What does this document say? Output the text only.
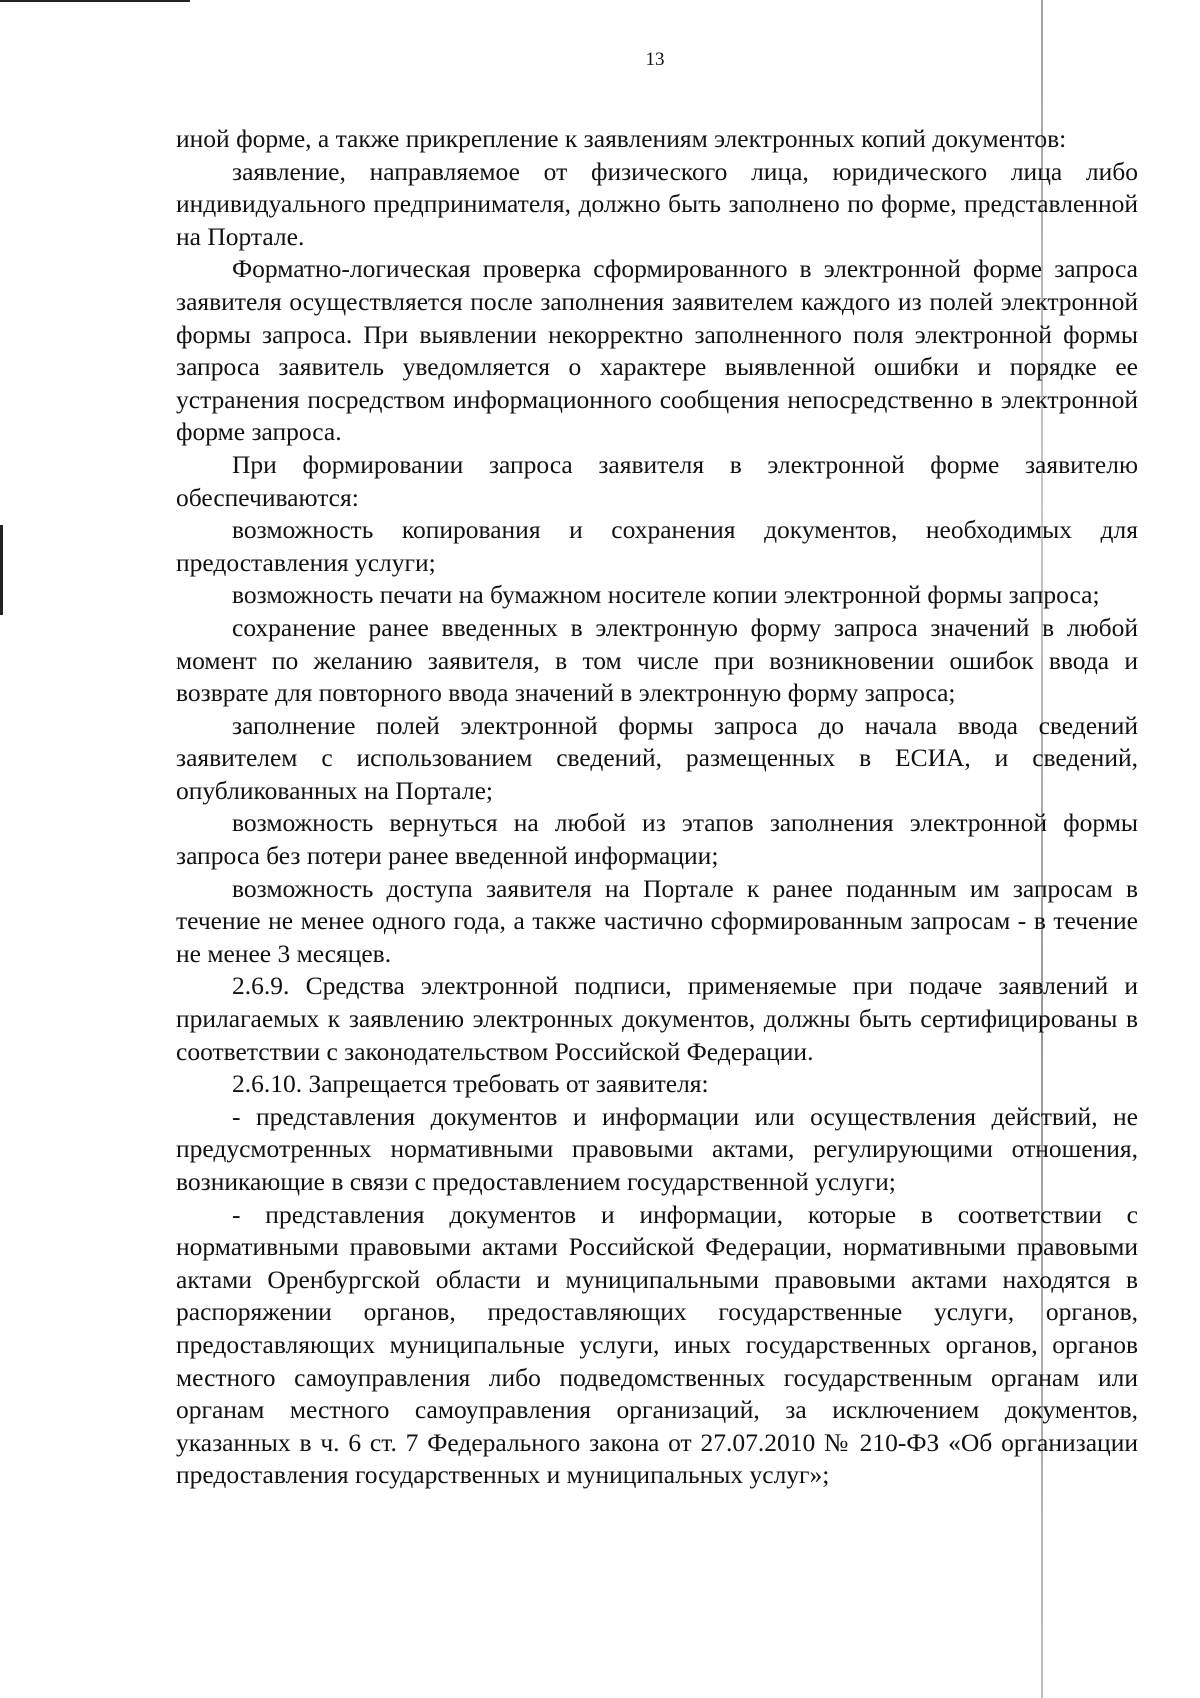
13

иной форме, а также прикрепление к заявлениям электронных копий документов:

заявление, направляемое от физического лица, юридического лица либо индивидуального предпринимателя, должно быть заполнено по форме, представленной на Портале.

Форматно-логическая проверка сформированного в электронной форме запроса заявителя осуществляется после заполнения заявителем каждого из полей электронной формы запроса. При выявлении некорректно заполненного поля электронной формы запроса заявитель уведомляется о характере выявленной ошибки и порядке ее устранения посредством информационного сообщения непосредственно в электронной форме запроса.

При формировании запроса заявителя в электронной форме заявителю обеспечиваются:

возможность копирования и сохранения документов, необходимых для предоставления услуги;

возможность печати на бумажном носителе копии электронной формы запроса;

сохранение ранее введенных в электронную форму запроса значений в любой момент по желанию заявителя, в том числе при возникновении ошибок ввода и возврате для повторного ввода значений в электронную форму запроса;

заполнение полей электронной формы запроса до начала ввода сведений заявителем с использованием сведений, размещенных в ЕСИА, и сведений, опубликованных на Портале;

возможность вернуться на любой из этапов заполнения электронной формы запроса без потери ранее введенной информации;

возможность доступа заявителя на Портале к ранее поданным им запросам в течение не менее одного года, а также частично сформированным запросам - в течение не менее 3 месяцев.

2.6.9. Средства электронной подписи, применяемые при подаче заявлений и прилагаемых к заявлению электронных документов, должны быть сертифицированы в соответствии с законодательством Российской Федерации.

2.6.10. Запрещается требовать от заявителя:

- представления документов и информации или осуществления действий, не предусмотренных нормативными правовыми актами, регулирующими отношения, возникающие в связи с предоставлением государственной услуги;

- представления документов и информации, которые в соответствии с нормативными правовыми актами Российской Федерации, нормативными правовыми актами Оренбургской области и муниципальными правовыми актами находятся в распоряжении органов, предоставляющих государственные услуги, органов, предоставляющих муниципальные услуги, иных государственных органов, органов местного самоуправления либо подведомственных государственным органам или органам местного самоуправления организаций, за исключением документов, указанных в ч. 6 ст. 7 Федерального закона от 27.07.2010 № 210-ФЗ «Об организации предоставления государственных и муниципальных услуг»;
